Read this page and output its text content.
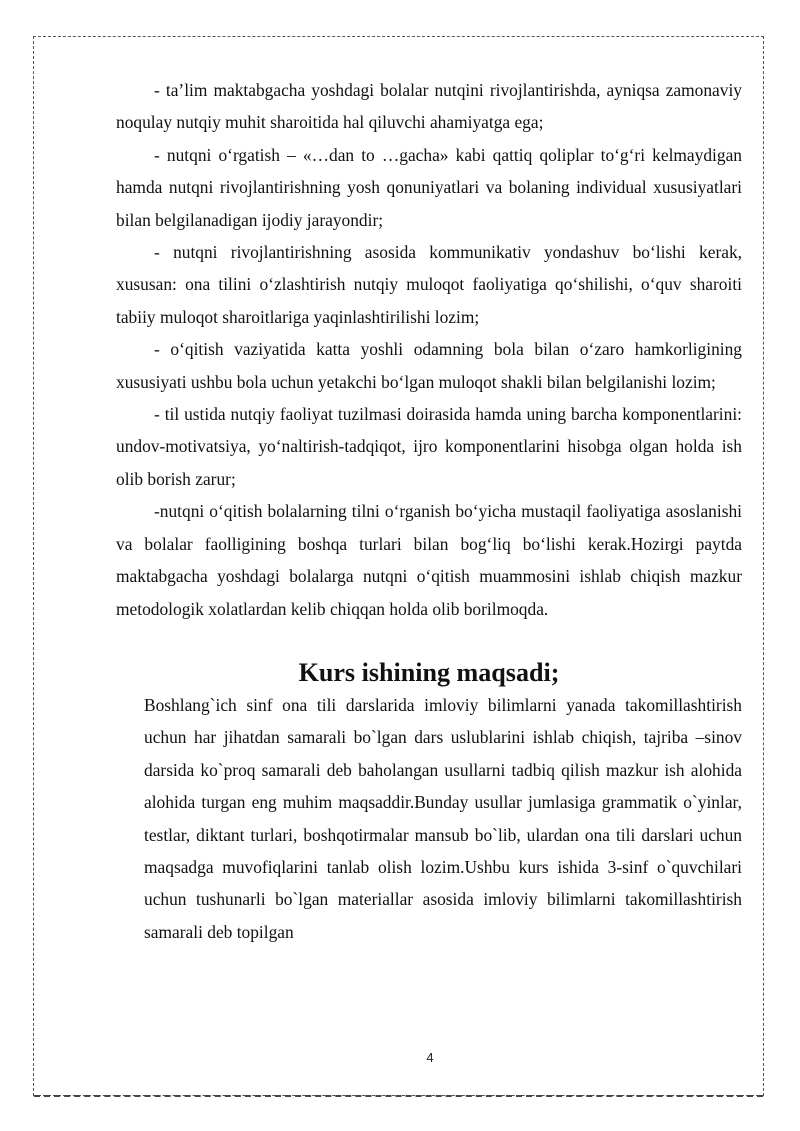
- ta’lim maktabgacha yoshdagi bolalar nutqini rivojlantirishda, ayniqsa zamonaviy noqulay nutqiy muhit sharoitida hal qiluvchi ahamiyatga ega;

- nutqni o‘rgatish – «…dan to …gacha» kabi qattiq qoliplar to‘g‘ri kelmaydigan hamda nutqni rivojlantirishning yosh qonuniyatlari va bolaning individual xususiyatlari bilan belgilanadigan ijodiy jarayondir;

- nutqni rivojlantirishning asosida kommunikativ yondashuv bo‘lishi kerak, xususan: ona tilini o‘zlashtirish nutqiy muloqot faoliyatiga qo‘shilishi, o‘quv sharoiti tabiiy muloqot sharoitlariga yaqinlashtirilishi lozim;

- o‘qitish vaziyatida katta yoshli odamning bola bilan o‘zaro hamkorligining xususiyati ushbu bola uchun yetakchi bo‘lgan muloqot shakli bilan belgilanishi lozim;

- til ustida nutqiy faoliyat tuzilmasi doirasida hamda uning barcha komponentlarini: undov-motivatsiya, yo‘naltirish-tadqiqot, ijro komponentlarini hisobga olgan holda ish olib borish zarur;

-nutqni o‘qitish bolalarning tilni o‘rganish bo‘yicha mustaqil faoliyatiga asoslanishi va bolalar faolligining boshqa turlari bilan bog‘liq bo‘lishi kerak.Hozirgi paytda maktabgacha yoshdagi bolalarga nutqni o‘qitish muammosini ishlab chiqish mazkur metodologik xolatlardan kelib chiqqan holda olib borilmoqda.

Kurs ishining maqsadi;

Boshlang`ich sinf ona tili darslarida imloviy bilimlarni yanada takomillashtirish uchun har jihatdan samarali bo`lgan dars uslublarini ishlab chiqish, tajriba –sinov darsida ko`proq samarali deb baholangan usullarni tadbiq qilish mazkur ish alohida alohida turgan eng muhim maqsaddir.Bunday usullar jumlasiga grammatik o`yinlar, testlar, diktant turlari, boshqotirmalar mansub bo`lib, ulardan ona tili darslari uchun maqsadga muvofiqlarini tanlab olish lozim.Ushbu kurs ishida 3-sinf o`quvchilari uchun tushunarli bo`lgan materiallar asosida imloviy bilimlarni takomillashtirish samarali deb topilgan

4
